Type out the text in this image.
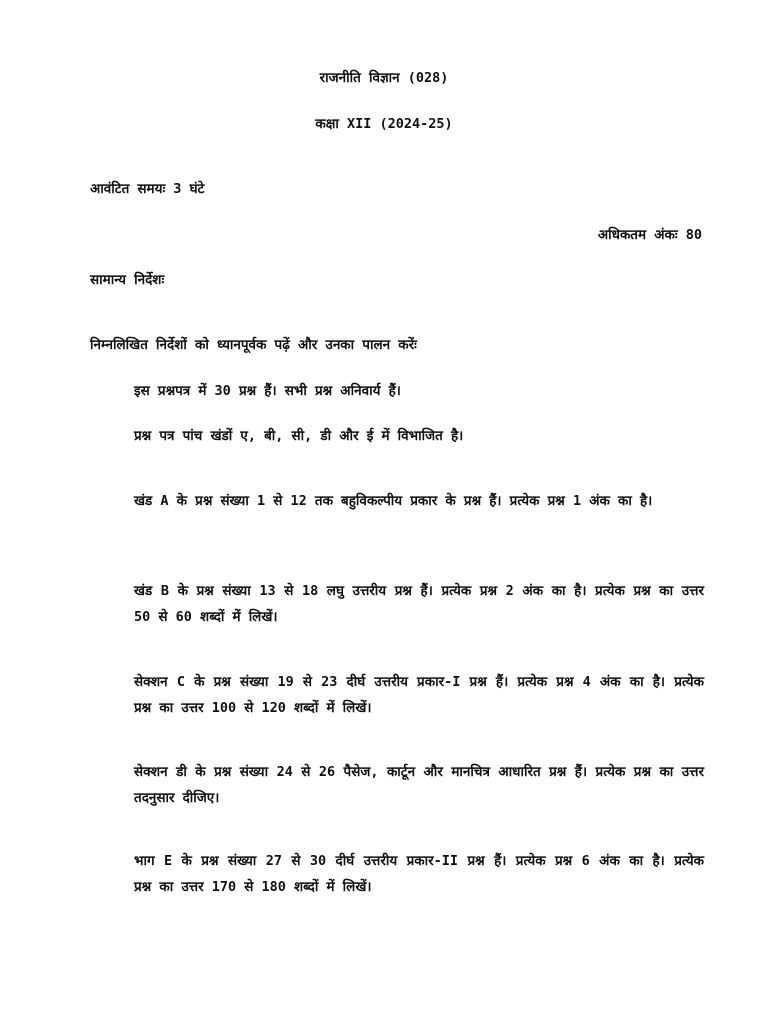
राजनीति विज्ञान (028)
कक्षा XII (2024-25)
आवंटित समयः 3 घंटे
अधिकतम अंकः 80
सामान्य निर्देशः
निम्नलिखित निर्देशों को ध्यानपूर्वक पढ़ें और उनका पालन करेंः
इस प्रश्नपत्र में 30 प्रश्न हैं। सभी प्रश्न अनिवार्य हैं।
प्रश्न पत्र पांच खंडों ए, बी, सी, डी और ई में विभाजित है।
खंड A के प्रश्न संख्या 1 से 12 तक बहुविकल्पीय प्रकार के प्रश्न हैं। प्रत्येक प्रश्न 1 अंक का है।
खंड B के प्रश्न संख्या 13 से 18 लघु उत्तरीय प्रश्न हैं। प्रत्येक प्रश्न 2 अंक का है। प्रत्येक प्रश्न का उत्तर 50 से 60 शब्दों में लिखें।
सेक्शन C के प्रश्न संख्या 19 से 23 दीर्घ उत्तरीय प्रकार-I प्रश्न हैं। प्रत्येक प्रश्न 4 अंक का है। प्रत्येक प्रश्न का उत्तर 100 से 120 शब्दों में लिखें।
सेक्शन डी के प्रश्न संख्या 24 से 26 पैसेज, कार्टून और मानचित्र आधारित प्रश्न हैं। प्रत्येक प्रश्न का उत्तर तदनुसार दीजिए।
भाग E के प्रश्न संख्या 27 से 30 दीर्घ उत्तरीय प्रकार-II प्रश्न हैं। प्रत्येक प्रश्न 6 अंक का है। प्रत्येक प्रश्न का उत्तर 170 से 180 शब्दों में लिखें।
